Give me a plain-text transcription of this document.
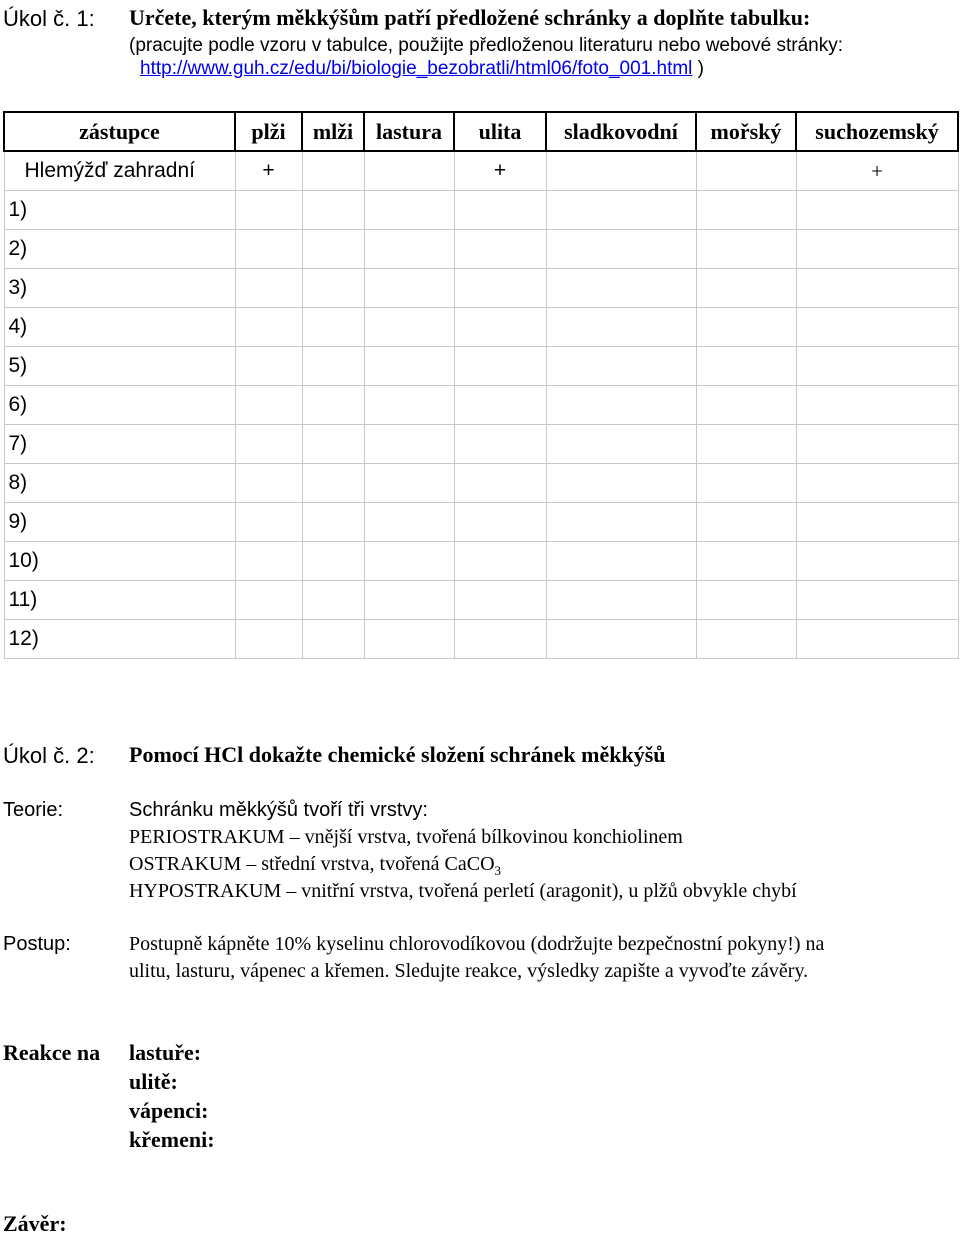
Úkol č. 1: Určete, kterým měkkýšům patří předložené schránky a doplňte tabulku:
(pracujte podle vzoru v tabulce, použijte předloženou literaturu nebo webové stránky:
http://www.guh.cz/edu/bi/biologie_bezobratli/html06/foto_001.html )
zástupce	plži	mlži	lastura	ulita	sladkovodní	mořský	suchozemský
Hlemýžď zahradní	+			+			+
1)							
2)							
3)							
4)							
5)							
6)							
7)							
8)							
9)							
10)							
11)							
12)							
Úkol č. 2: Pomocí HCl dokažte chemické složení schránek měkkýšů
Teorie:	Schránku měkkýšů tvoří tři vrstvy:
PERIOSTRAKUM – vnější vrstva, tvořená bílkovinou konchiolinem
OSTRAKUM – střední vrstva, tvořená CaCO$_3$
HYPOSTRAKUM – vnitřní vrstva, tvořená perletí (aragonit), u plžů obvykle chybí
Postup:	Postupně kápněte 10% kyselinu chlorovodíkovou (dodržujte bezpečnostní pokyny!) na
ulitu, lasturu, vápenec a křemen. Sledujte reakce, výsledky zapište a vyvoďte závěry.
Reakce na lastuře:
ulitě:
vápenci:
křemeni:
Závěr:
